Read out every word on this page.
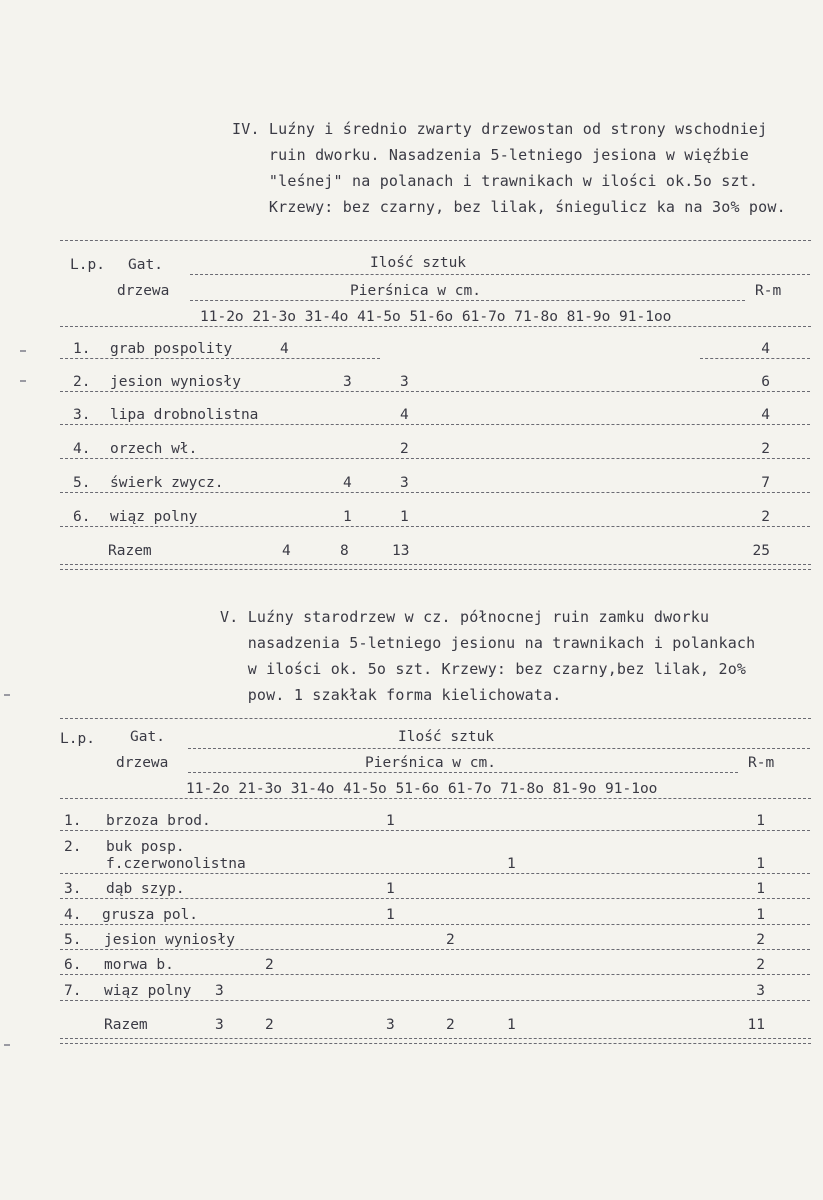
IV. Luźny i średnio zwarty drzewostan od strony wschodniej
ruin dworku. Nasadzenia 5-letniego jesiona w więźbie
"leśnej" na polanach i trawnikach w ilości ok.5o szt.
Krzewy: bez czarny, bez lilak, śniegulicz ka na 3o% pow.
L.p. Gat.	Ilość sztuk
drzewa	Pierśnica w cm.	R-m
11-2o 21-3o 31-4o 41-5o 51-6o 61-7o 71-8o 81-9o 91-1oo
1. grab pospolity	4	4
2. jesion wyniosły	3	3	6
3. lipa drobnolistna	4	4
4. orzech wł.	2	2
5. świerk zwycz.	4	3	7
6. wiąz polny	1	1	2
Razem	4	8	13	25
V. Luźny starodrzew w cz. północnej ruin zamku dworku
nasadzenia 5-letniego jesionu na trawnikach i polankach
w ilości ok. 5o szt. Krzewy: bez czarny,bez lilak, 2o%
pow. 1 szakłak forma kielichowata.
L.p. Gat.	Ilość sztuk
drzewa	Pierśnica w cm.	R-m
11-2o 21-3o 31-4o 41-5o 51-6o 61-7o 71-8o 81-9o 91-1oo
1. brzoza brod.	1	1
2. buk posp.
f.czerwonolistna	1	1
3. dąb szyp.	1	1
4. grusza pol.	1	1
5. jesion wyniosły	2	2
6. morwa b.	2	2
7. wiąz polny 3	3
Razem	3	2	3	2	1	11
